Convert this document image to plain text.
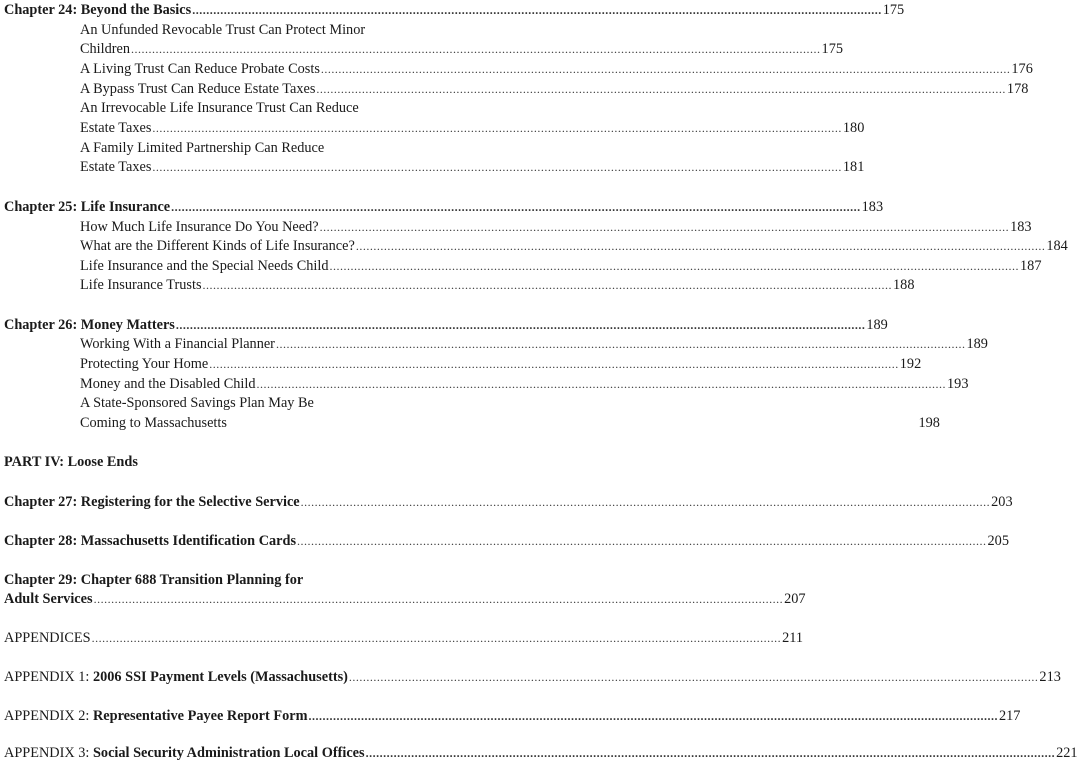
Chapter 24: Beyond the Basics .....	175
An Unfunded Revocable Trust Can Protect Minor
Children .....	175
A Living Trust Can Reduce Probate Costs .....	176
A Bypass Trust Can Reduce Estate Taxes .....	178
An Irrevocable Life Insurance Trust Can Reduce
Estate Taxes .....	180
A Family Limited Partnership Can Reduce
Estate Taxes .....	181
Chapter 25: Life Insurance .....	183
How Much Life Insurance Do You Need? .....	183
What are the Different Kinds of Life Insurance? .....	184
Life Insurance and the Special Needs Child .....	187
Life Insurance Trusts .....	188
Chapter 26: Money Matters .....	189
Working With a Financial Planner .....	189
Protecting Your Home .....	192
Money and the Disabled Child .....	193
A State-Sponsored Savings Plan May Be
Coming to Massachusetts	198
PART IV: Loose Ends
Chapter 27: Registering for the Selective Service .....	203
Chapter 28: Massachusetts Identification Cards .....	205
Chapter 29: Chapter 688 Transition Planning for
Adult Services .....	207
APPENDICES .....	211
APPENDIX 1: 2006 SSI Payment Levels (Massachusetts) .....	213
APPENDIX 2: Representative Payee Report Form .....	217
APPENDIX 3: Social Security Administration Local Offices .....	221
